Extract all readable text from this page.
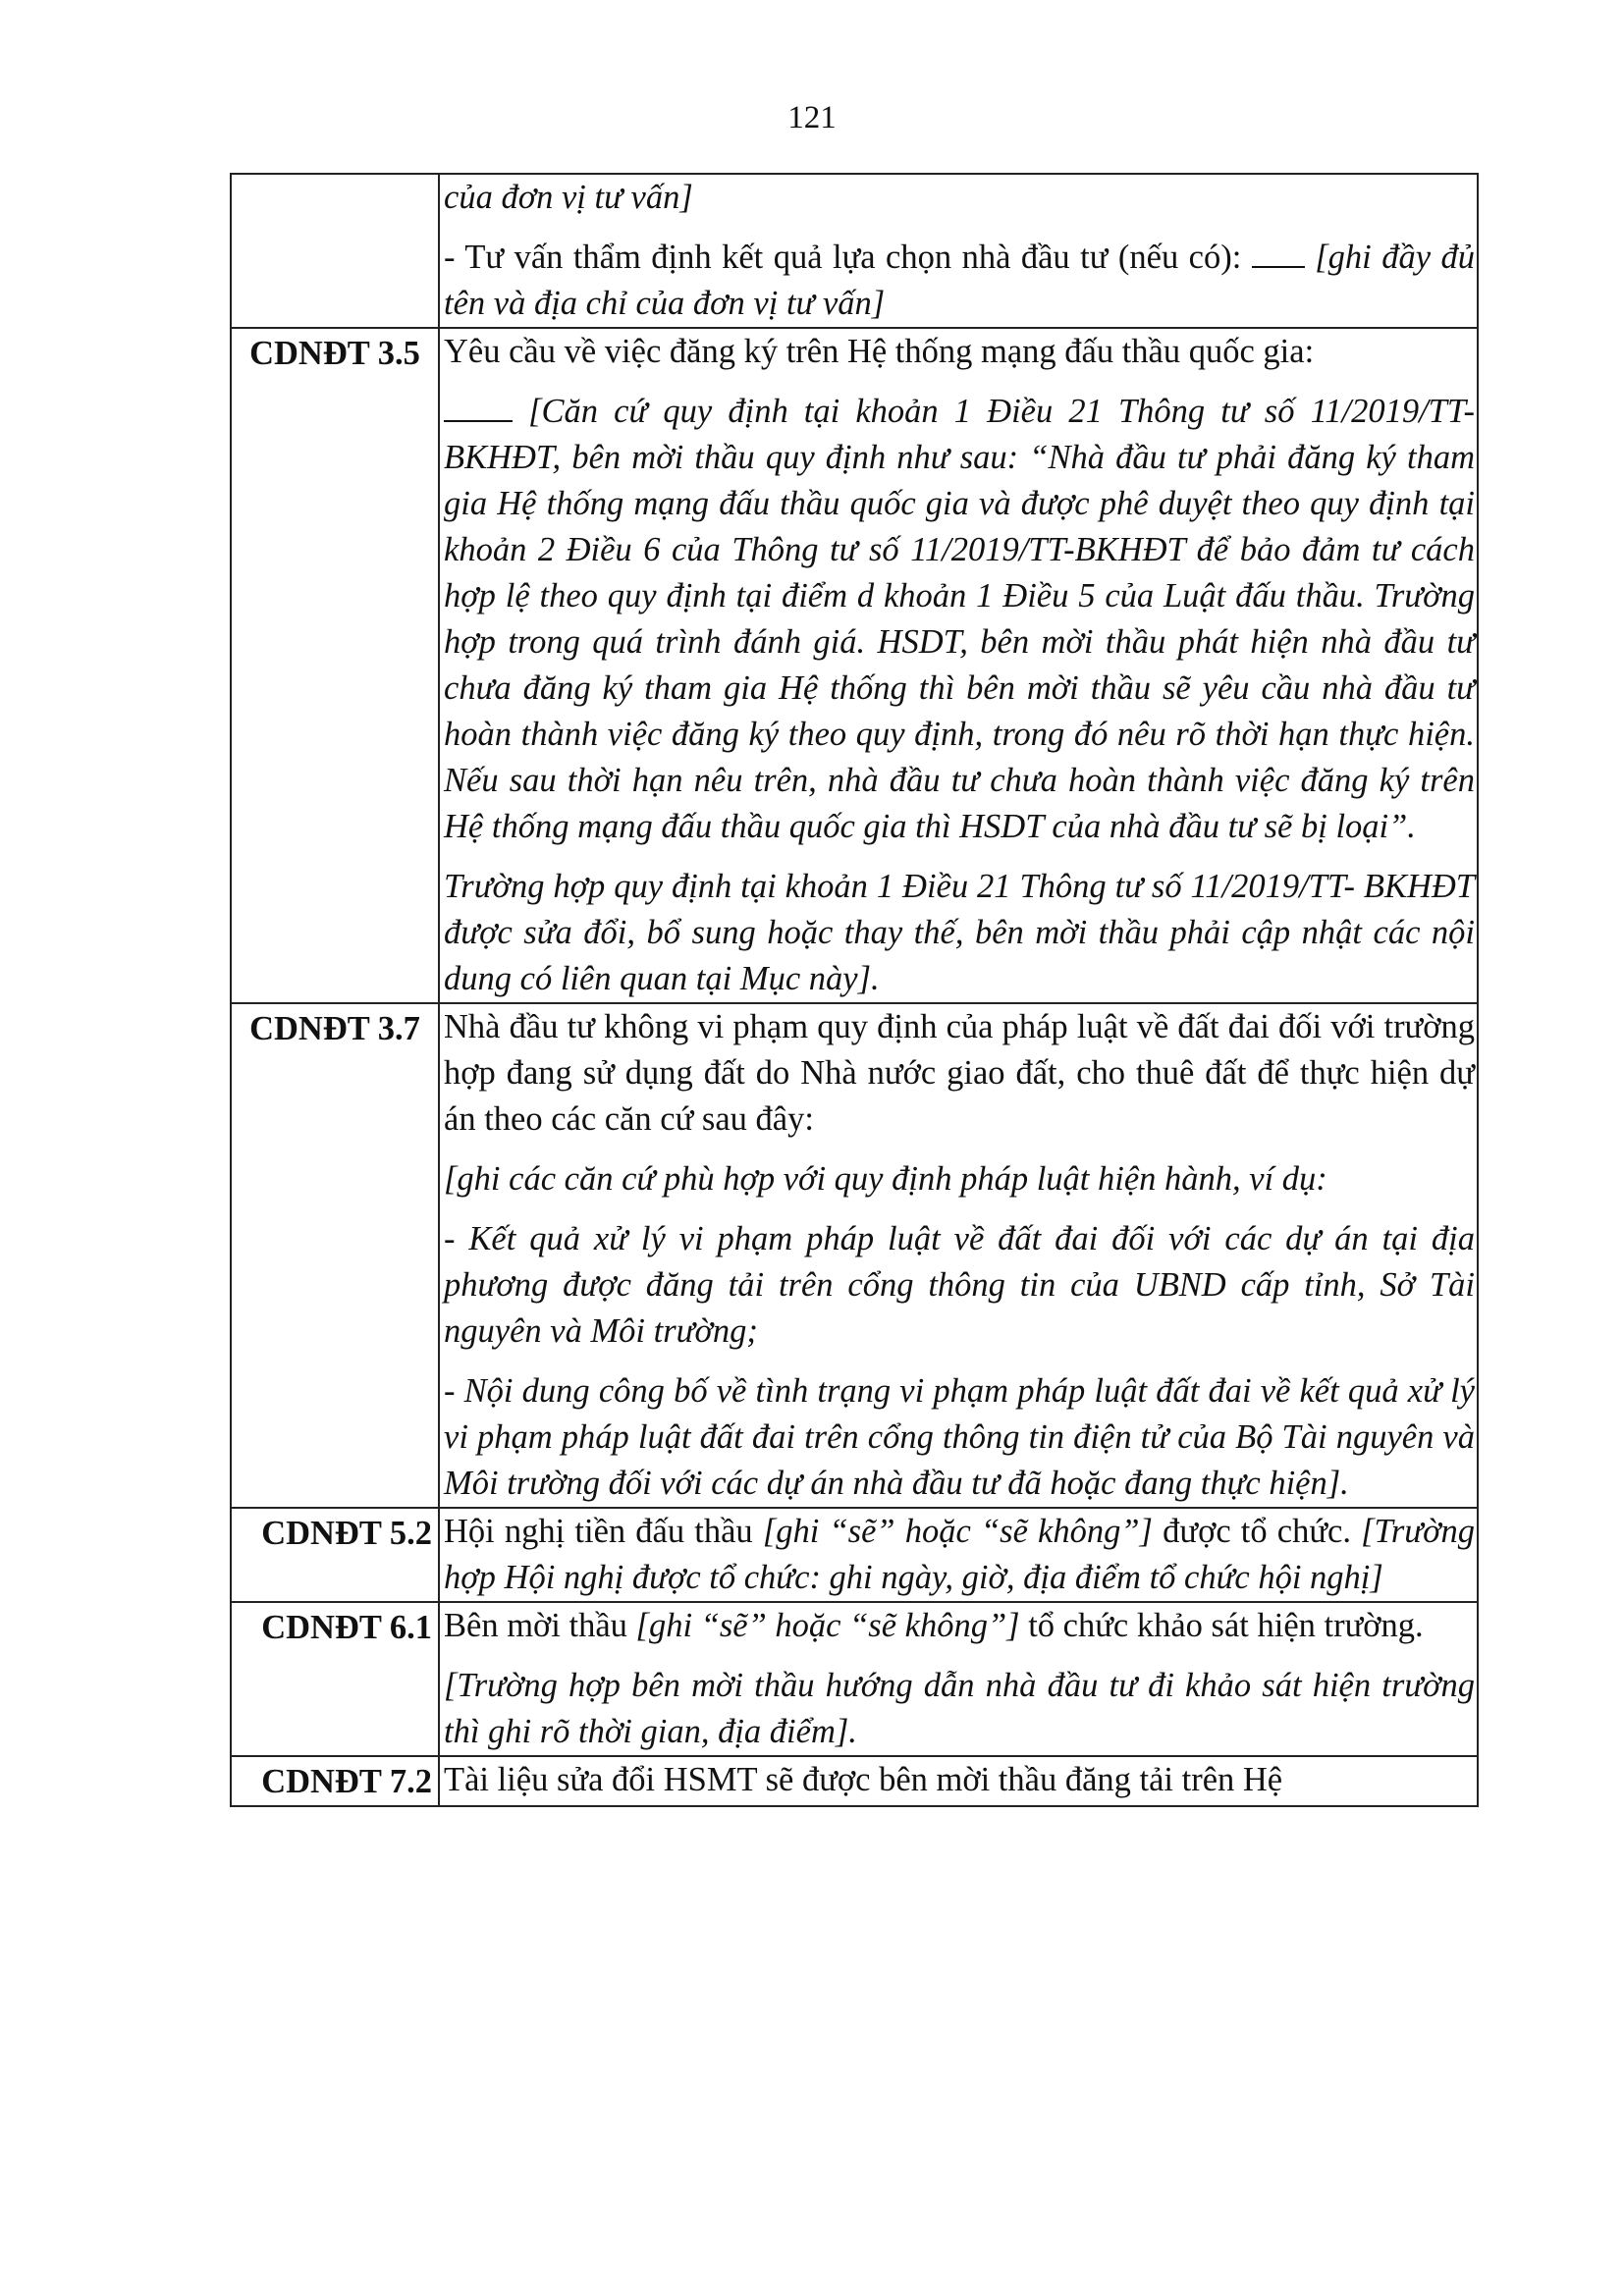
121

	của đơn vị tư vấn]

- Tư vấn thẩm định kết quả lựa chọn nhà đầu tư (nếu có):  [ghi đầy đủ tên và địa chỉ của đơn vị tư vấn]

CDNĐT 3.5	Yêu cầu về việc đăng ký trên Hệ thống mạng đấu thầu quốc gia:

[Căn cứ quy định tại khoản 1 Điều 21 Thông tư số 11/2019/TT- BKHĐT, bên mời thầu quy định như sau: “Nhà đầu tư phải đăng ký tham gia Hệ thống mạng đấu thầu quốc gia và được phê duyệt theo quy định tại khoản 2 Điều 6 của Thông tư số 11/2019/TT-BKHĐT để bảo đảm tư cách hợp lệ theo quy định tại điểm d khoản 1 Điều 5 của Luật đấu thầu. Trường hợp trong quá trình đánh giá. HSDT, bên mời thầu phát hiện nhà đầu tư chưa đăng ký tham gia Hệ thống thì bên mời thầu sẽ yêu cầu nhà đầu tư hoàn thành việc đăng ký theo quy định, trong đó nêu rõ thời hạn thực hiện. Nếu sau thời hạn nêu trên, nhà đầu tư chưa hoàn thành việc đăng ký trên Hệ thống mạng đấu thầu quốc gia thì HSDT của nhà đầu tư sẽ bị loại”.

Trường hợp quy định tại khoản 1 Điều 21 Thông tư số 11/2019/TT- BKHĐT được sửa đổi, bổ sung hoặc thay thế, bên mời thầu phải cập nhật các nội dung có liên quan tại Mục này].

CDNĐT 3.7	Nhà đầu tư không vi phạm quy định của pháp luật về đất đai đối với trường hợp đang sử dụng đất do Nhà nước giao đất, cho thuê đất để thực hiện dự án theo các căn cứ sau đây:

[ghi các căn cứ phù hợp với quy định pháp luật hiện hành, ví dụ:

- Kết quả xử lý vi phạm pháp luật về đất đai đối với các dự án tại địa phương được đăng tải trên cổng thông tin của UBND cấp tỉnh, Sở Tài nguyên và Môi trường;

- Nội dung công bố về tình trạng vi phạm pháp luật đất đai về kết quả xử lý vi phạm pháp luật đất đai trên cổng thông tin điện tử của Bộ Tài nguyên và Môi trường đối với các dự án nhà đầu tư đã hoặc đang thực hiện].

CDNĐT 5.2	Hội nghị tiền đấu thầu [ghi “sẽ” hoặc “sẽ không”] được tổ chức. [Trường hợp Hội nghị được tổ chức: ghi ngày, giờ, địa điểm tổ chức hội nghị]

CDNĐT 6.1	Bên mời thầu [ghi “sẽ” hoặc “sẽ không”] tổ chức khảo sát hiện trường.

[Trường hợp bên mời thầu hướng dẫn nhà đầu tư đi khảo sát hiện trường thì ghi rõ thời gian, địa điểm].

CDNĐT 7.2	Tài liệu sửa đổi HSMT sẽ được bên mời thầu đăng tải trên Hệ
